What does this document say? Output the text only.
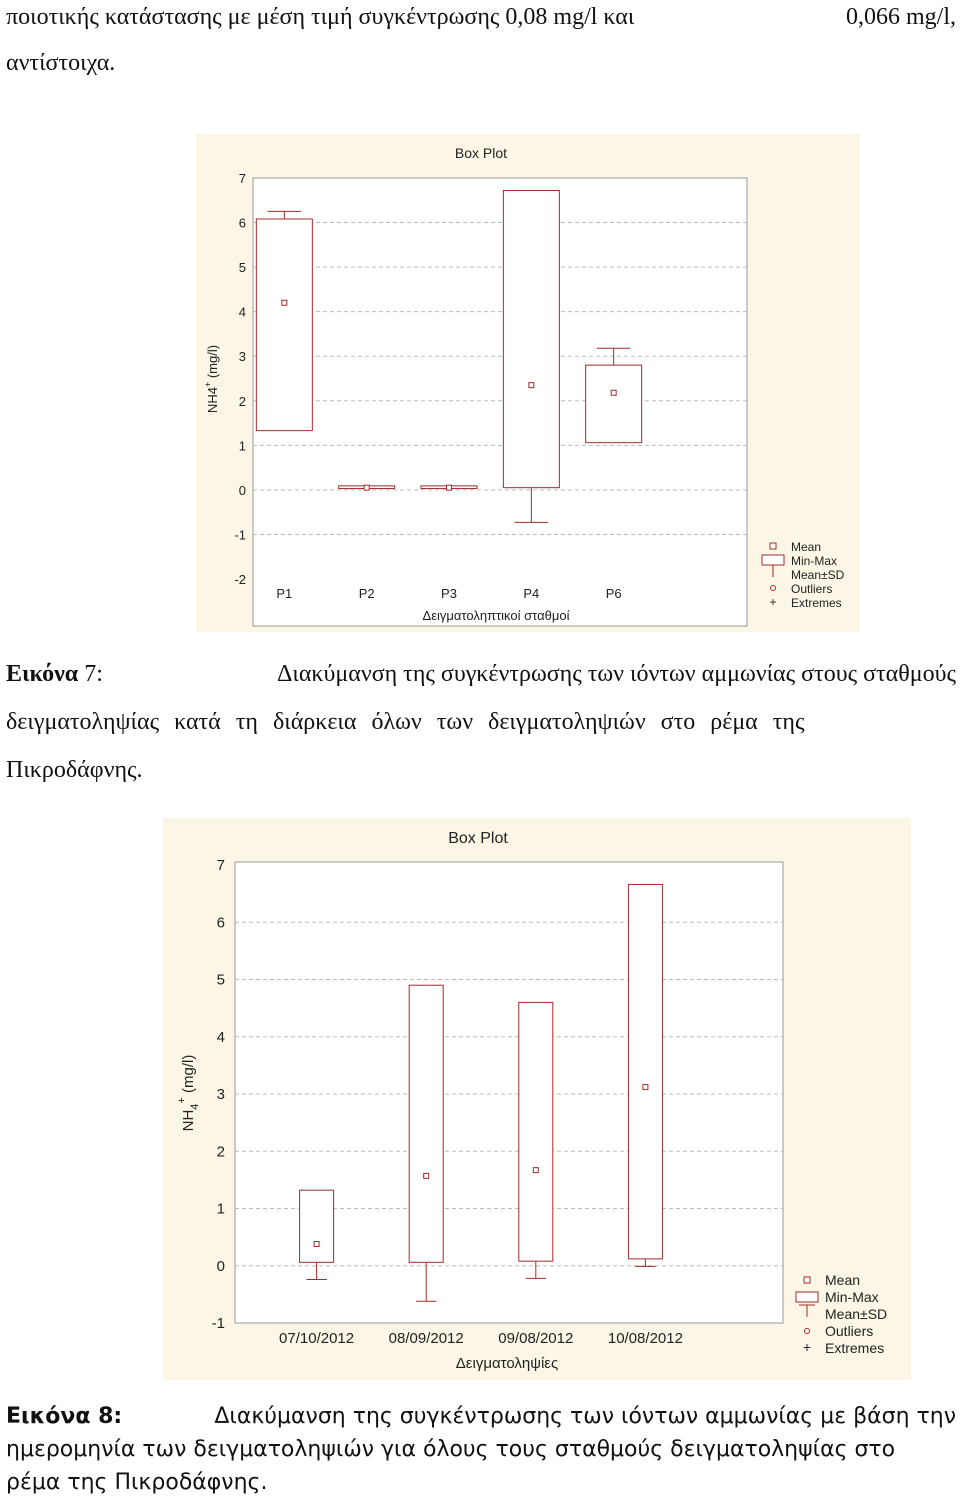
ποιοτικής κατάστασης με μέση τιμή συγκέντρωσης 0,08 mg/l και	0,066 mg/l,
αντίστοιχα.
Box Plot
-2
-1
0
1
2
3
4
5
6
7
P1	P2	P3	P4	P6
NH4+ (mg/l)
Δειγματοληπτικοί σταθμοί
+
Mean
Min-Max
Mean±SD
Outliers
Extremes
Εικόνα 7:	Διακύμανση της συγκέντρωσης των ιόντων αμμωνίας στους σταθμούς
δειγματοληψίας κατά τη διάρκεια όλων των δειγματοληψιών στο ρέμα της
Πικροδάφνης.
Box Plot
-1
0
1
2
3
4
5
6
7
07/10/2012 08/09/2012 09/08/2012 10/08/2012
$NH_4^+$ (mg/l)
Δειγματοληψίες
+
Mean
Min-Max
Mean±SD
Outliers
Extremes
Εικόνα 8:	Διακύμανση της συγκέντρωσης των ιόντων αμμωνίας με βάση την
ημερομηνία των δειγματοληψιών για όλους τους σταθμούς δειγματοληψίας στο
ρέμα της Πικροδάφνης.
